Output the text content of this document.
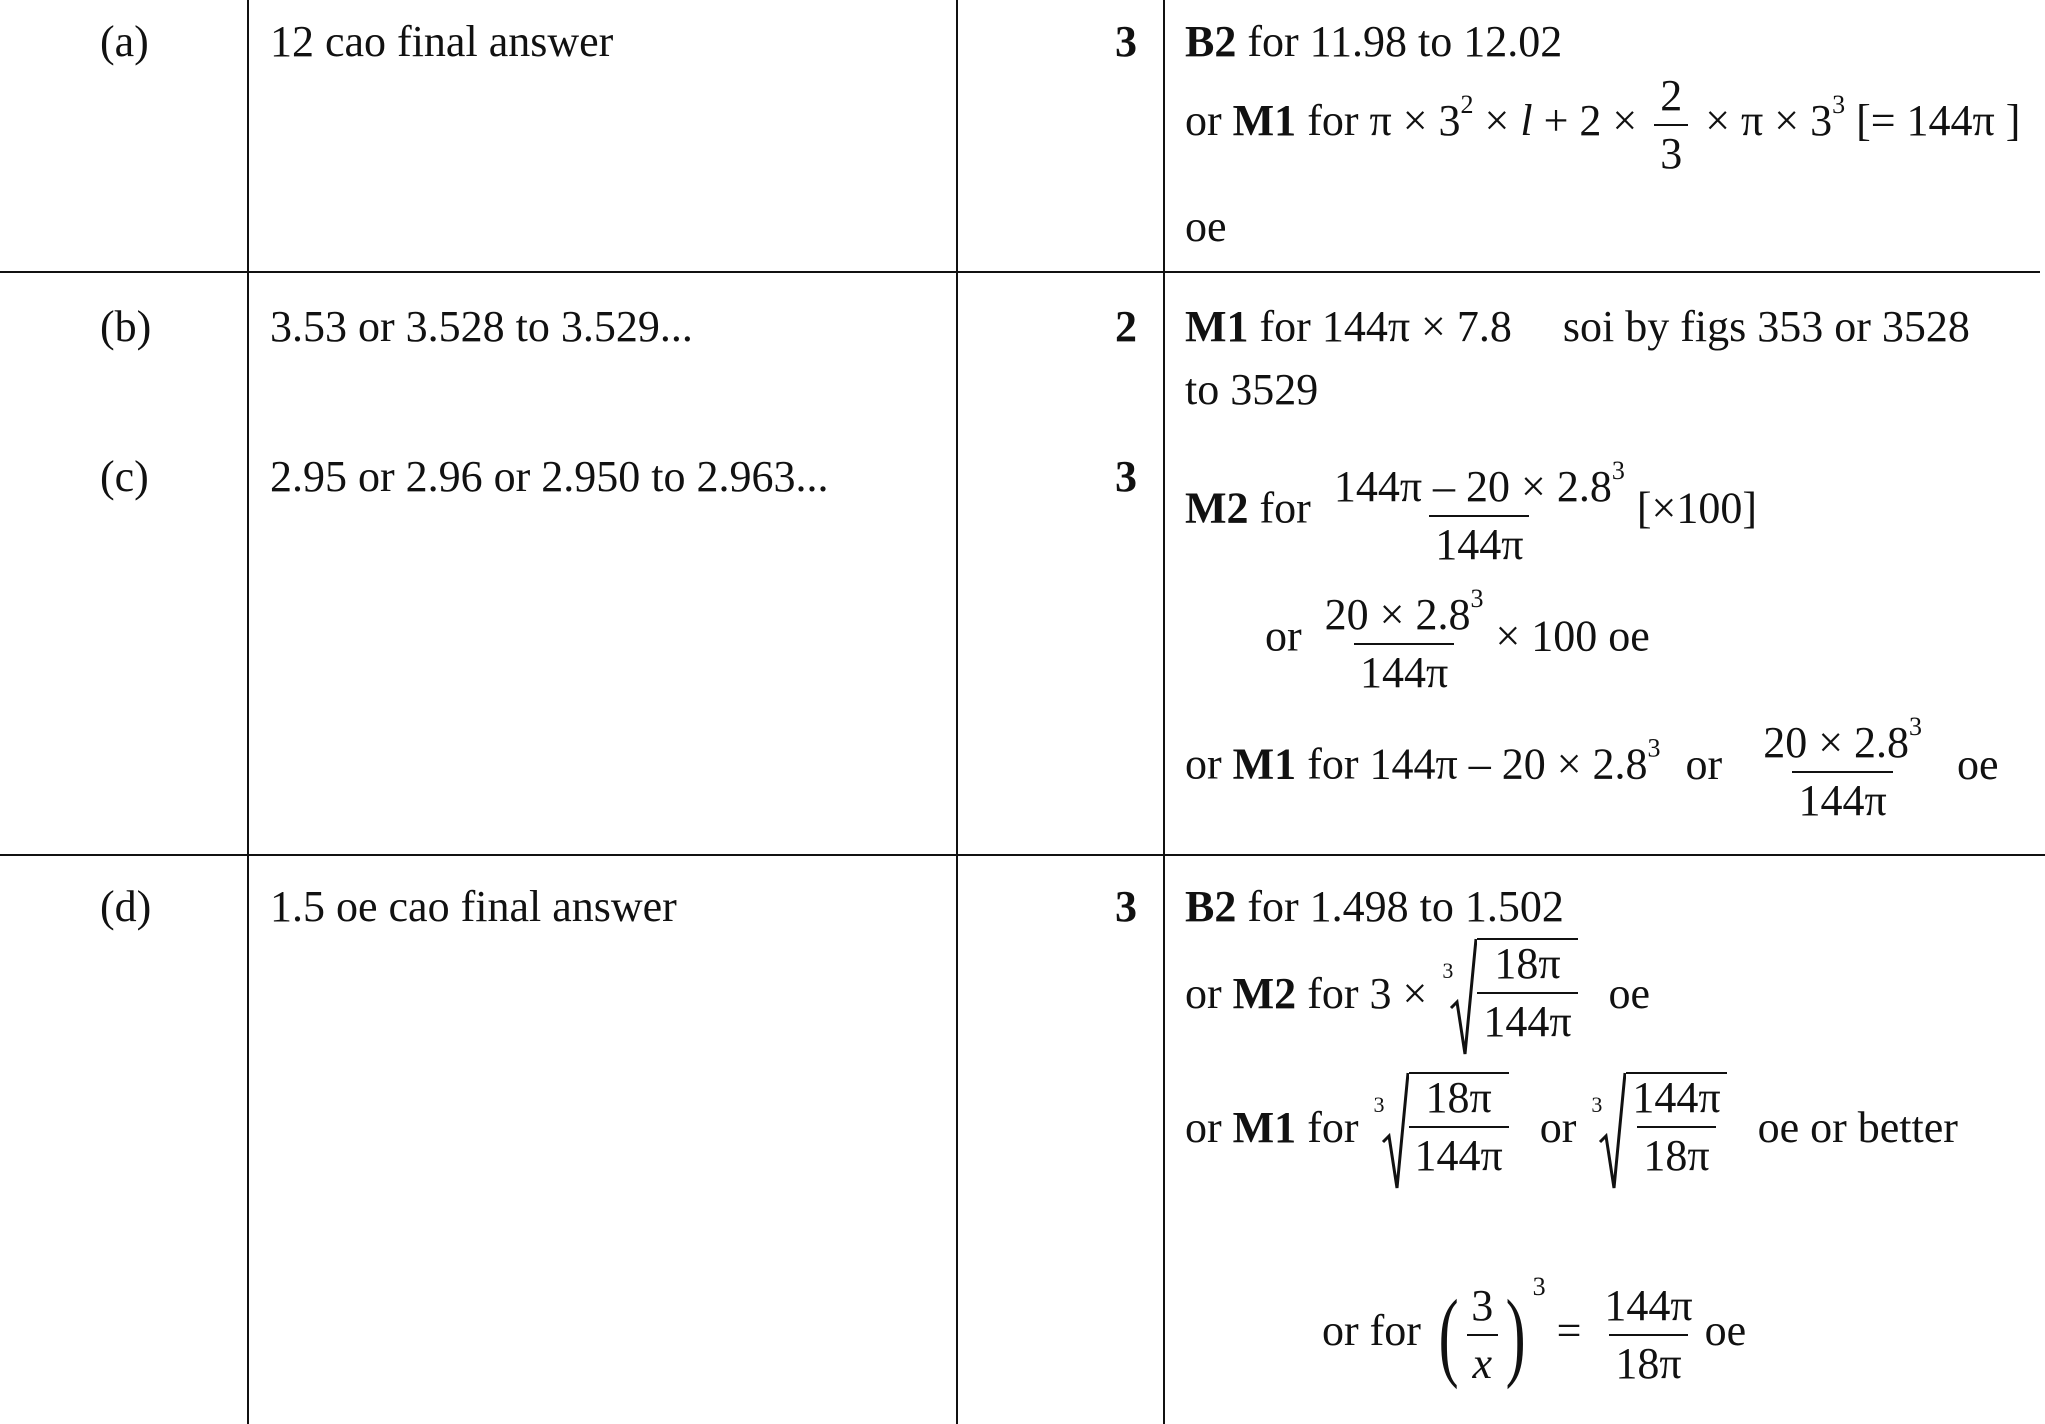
(a)	12 cao final answer	3 B2 for 11.98 to 12.02
or M1 for $\pi \times 3^2 \times l + 2 \times \frac{2}{3} \times \pi \times 3^3$ [= 144π ]
oe
(b)	3.53 or 3.528 to 3.529...	2 M1 for 144π × 7.8 soi by figs 353 or 3528
to 3529
(c)	2.95 or 2.96 or 2.950 to 2.963...	3
M2 for $\frac{144\pi - 20 \times 2.8^3}{144\pi} [\times 100]$
or $\frac{20 \times 2.8^3}{144\pi} \times 100$ oe
or M1 for $144\pi - 20 \times 2.8^3$ or $\frac{20 \times 2.8^3}{144\pi}$ oe
(d)	1.5 oe cao final answer	3 B2 for 1.498 to 1.502
or M2 for $3 \times 3 \frac{18\pi}{144\pi}$ oe
or M1 for $3 \frac{18\pi}{144\pi}$ or $3 \frac{144\pi}{18\pi}$ oe or better
or for ( $\frac{3}{x}$ ) $^3 = \frac{144\pi}{18\pi}$ oe
